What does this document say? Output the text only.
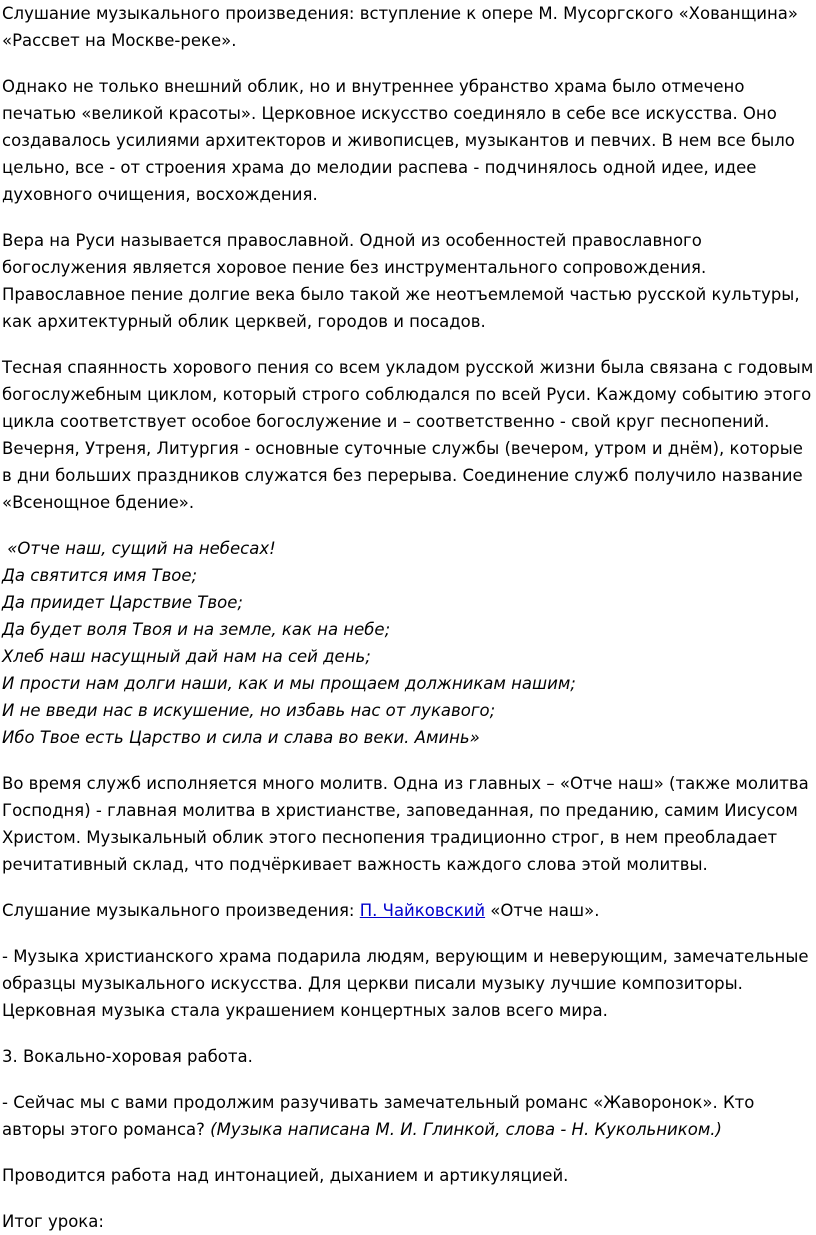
Слушание музыкального произведения: вступление к опере М. Мусоргского «Хованщина» «Рассвет на Москве-реке».

Однако не только внешний облик, но и внутреннее убранство храма было отмечено печатью «великой красоты». Церковное искусство соединяло в себе все искусства. Оно создавалось усилиями архитекторов и живописцев, музыкантов и певчих. В нем все было цельно, все - от строения храма до мелодии распева - подчинялось одной идее, идее духовного очищения, восхождения.

Вера на Руси называется православной. Одной из особенностей православного богослужения является хоровое пение без инструментального сопровождения. Православное пение долгие века было такой же неотъемлемой частью русской культуры, как архитектурный облик церквей, городов и посадов.

Тесная спаянность хорового пения со всем укладом русской жизни была связана с годовым богослужебным циклом, который строго соблюдался по всей Руси. Каждому событию этого цикла соответствует особое богослужение и – соответственно - свой круг песнопений. Вечерня, Утреня, Литургия - основные суточные службы (вечером, утром и днём), которые в дни больших праздников служатся без перерыва. Соединение служб получило название «Всенощное бдение».

«Отче наш, сущий на небесах!

Да святится имя Твое;

Да приидет Царствие Твое;

Да будет воля Твоя и на земле, как на небе;

Хлеб наш насущный дай нам на сей день;

И прости нам долги наши, как и мы прощаем должникам нашим;

И не введи нас в искушение, но избавь нас от лукавого;

Ибо Твое есть Царство и сила и слава во веки. Аминь»

Во время служб исполняется много молитв. Одна из главных – «Отче наш» (также молитва Господня) - главная молитва в христианстве, заповеданная, по преданию, самим Иисусом Христом. Музыкальный облик этого песнопения традиционно строг, в нем преобладает речитативный склад, что подчёркивает важность каждого слова этой молитвы.

Слушание музыкального произведения: П. Чайковский «Отче наш».

- Музыка христианского храма подарила людям, верующим и неверующим, замечательные образцы музыкального искусства. Для церкви писали музыку лучшие композиторы. Церковная музыка стала украшением концертных залов всего мира.

3. Вокально-хоровая работа.

- Сейчас мы с вами продолжим разучивать замечательный романс «Жаворонок». Кто авторы этого романса? (Музыка написана М. И. Глинкой, слова - Н. Кукольником.)

Проводится работа над интонацией, дыханием и артикуляцией.

Итог урока:
